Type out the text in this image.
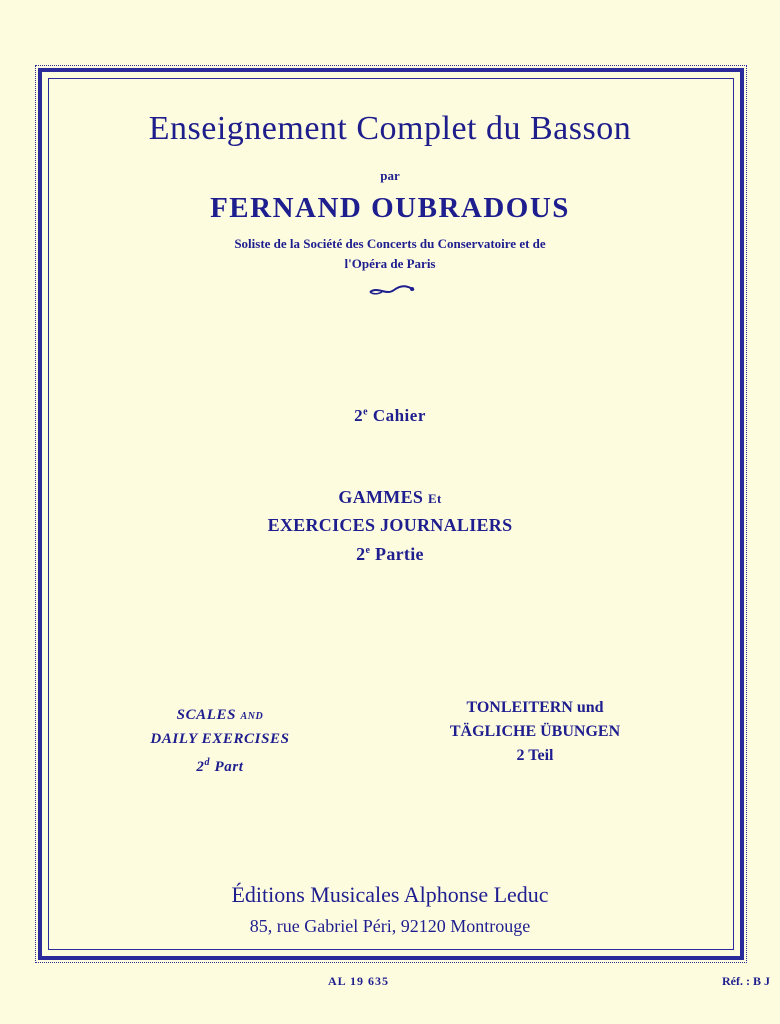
Enseignement Complet du Basson
par
FERNAND OUBRADOUS
Soliste de la Société des Concerts du Conservatoire et de
l'Opéra de Paris
2e Cahier
GAMMES Et
EXERCICES JOURNALIERS
2e Partie
SCALES AND
DAILY EXERCISES
2$^d$ Part
TONLEITERN und
TÄGLICHE ÜBUNGEN
2 Teil
Éditions Musicales Alphonse Leduc
85, rue Gabriel Péri, 92120 Montrouge
AL 19 635	Réf. : B J
